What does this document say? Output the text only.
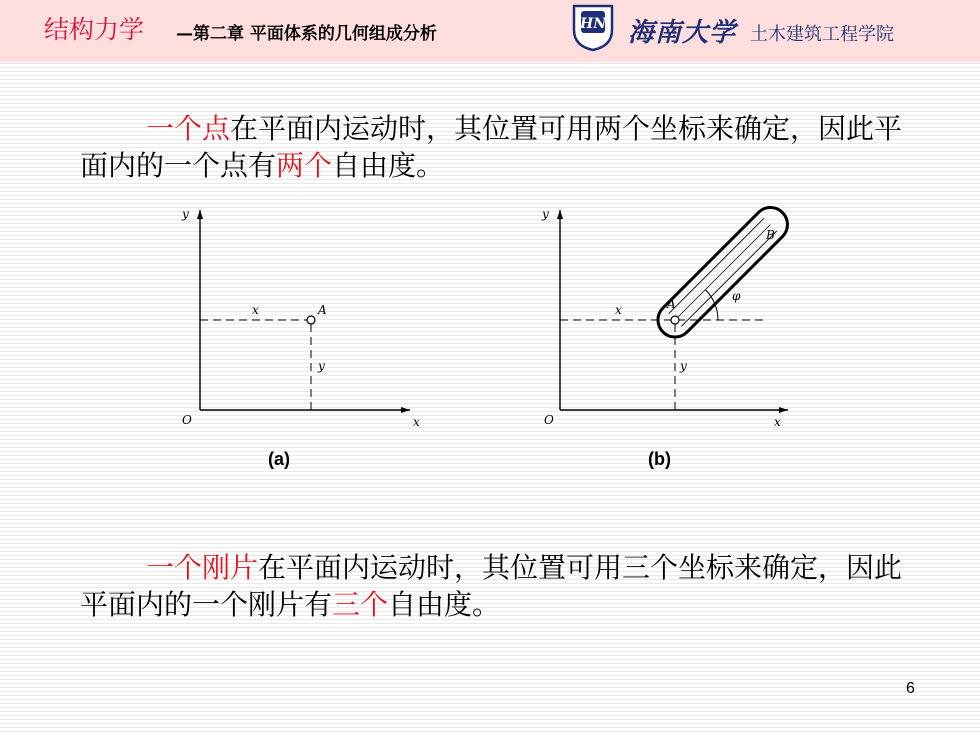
结构力学 —第二章 平面体系的几何组成分析	HN 海南大学 土木建筑工程学院

一个点在平面内运动时，其位置可用两个坐标来确定，因此平面内的一个点有两个自由度。

y
x
O
x
y
A
y
x
O
x
y
A
B
φ
(a)	(b)

一个刚片在平面内运动时，其位置可用三个坐标来确定，因此平面内的一个刚片有三个自由度。

6
